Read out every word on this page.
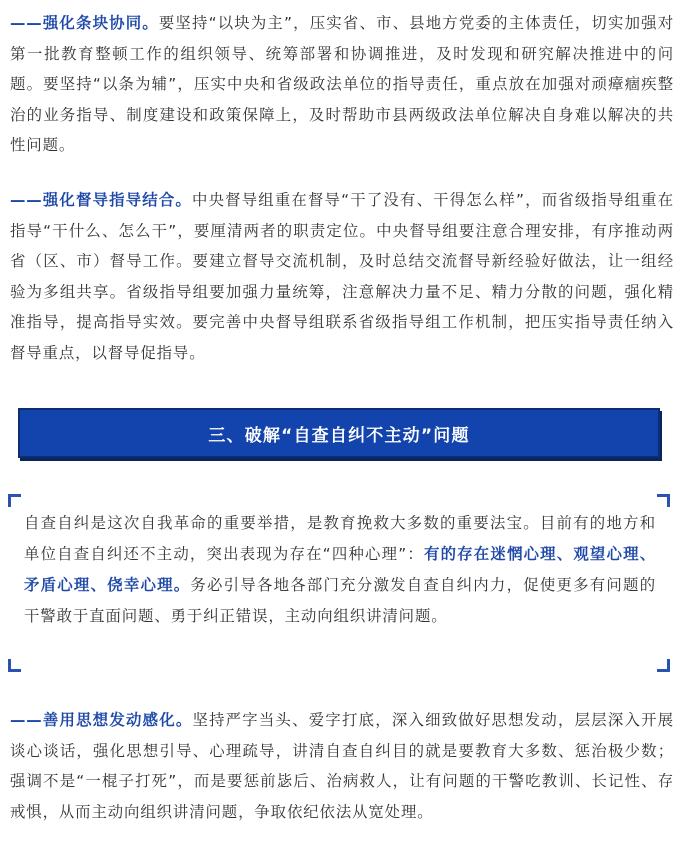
——强化条块协同。要坚持“以块为主”，压实省、市、县地方党委的主体责任，切实加强对第一批教育整顿工作的组织领导、统筹部署和协调推进，及时发现和研究解决推进中的问题。要坚持“以条为辅”，压实中央和省级政法单位的指导责任，重点放在加强对顽瘴痼疾整治的业务指导、制度建设和政策保障上，及时帮助市县两级政法单位解决自身难以解决的共性问题。

——强化督导指导结合。中央督导组重在督导“干了没有、干得怎么样”，而省级指导组重在指导“干什么、怎么干”，要厘清两者的职责定位。中央督导组要注意合理安排，有序推动两省（区、市）督导工作。要建立督导交流机制，及时总结交流督导新经验好做法，让一组经验为多组共享。省级指导组要加强力量统筹，注意解决力量不足、精力分散的问题，强化精准指导，提高指导实效。要完善中央督导组联系省级指导组工作机制，把压实指导责任纳入督导重点，以督导促指导。

三、破解“自查自纠不主动”问题

自查自纠是这次自我革命的重要举措，是教育挽救大多数的重要法宝。目前有的地方和单位自查自纠还不主动，突出表现为存在“四种心理”：有的存在迷惘心理、观望心理、矛盾心理、侥幸心理。务必引导各地各部门充分激发自查自纠内力，促使更多有问题的干警敢于直面问题、勇于纠正错误，主动向组织讲清问题。

——善用思想发动感化。坚持严字当头、爱字打底，深入细致做好思想发动，层层深入开展谈心谈话，强化思想引导、心理疏导，讲清自查自纠目的就是要教育大多数、惩治极少数；强调不是“一棍子打死”，而是要惩前毖后、治病救人，让有问题的干警吃教训、长记性、存戒惧，从而主动向组织讲清问题，争取依纪依法从宽处理。
